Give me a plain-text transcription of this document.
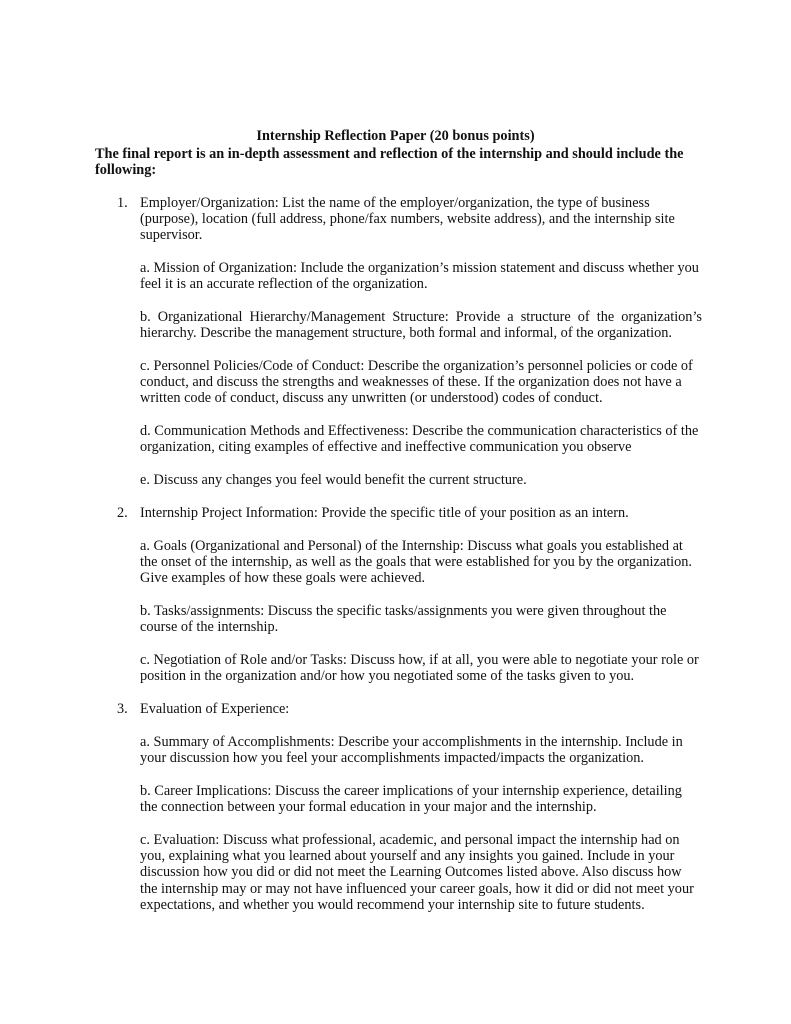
Internship Reflection Paper (20 bonus points)

The final report is an in-depth assessment and reflection of the internship and should include the following:

1. Employer/Organization: List the name of the employer/organization, the type of business (purpose), location (full address, phone/fax numbers, website address), and the internship site supervisor.

a. Mission of Organization: Include the organization’s mission statement and discuss whether you feel it is an accurate reflection of the organization.

b. Organizational Hierarchy/Management Structure: Provide a structure of the organization’s hierarchy. Describe the management structure, both formal and informal, of the organization.

c. Personnel Policies/Code of Conduct: Describe the organization’s personnel policies or code of conduct, and discuss the strengths and weaknesses of these. If the organization does not have a written code of conduct, discuss any unwritten (or understood) codes of conduct.

d. Communication Methods and Effectiveness: Describe the communication characteristics of the organization, citing examples of effective and ineffective communication you observe

e. Discuss any changes you feel would benefit the current structure.

2. Internship Project Information: Provide the specific title of your position as an intern.

a. Goals (Organizational and Personal) of the Internship: Discuss what goals you established at the onset of the internship, as well as the goals that were established for you by the organization. Give examples of how these goals were achieved.

b. Tasks/assignments: Discuss the specific tasks/assignments you were given throughout the course of the internship.

c. Negotiation of Role and/or Tasks: Discuss how, if at all, you were able to negotiate your role or position in the organization and/or how you negotiated some of the tasks given to you.

3. Evaluation of Experience:

a. Summary of Accomplishments: Describe your accomplishments in the internship. Include in your discussion how you feel your accomplishments impacted/impacts the organization.

b. Career Implications: Discuss the career implications of your internship experience, detailing the connection between your formal education in your major and the internship.

c. Evaluation: Discuss what professional, academic, and personal impact the internship had on you, explaining what you learned about yourself and any insights you gained. Include in your discussion how you did or did not meet the Learning Outcomes listed above. Also discuss how the internship may or may not have influenced your career goals, how it did or did not meet your expectations, and whether you would recommend your internship site to future students.
